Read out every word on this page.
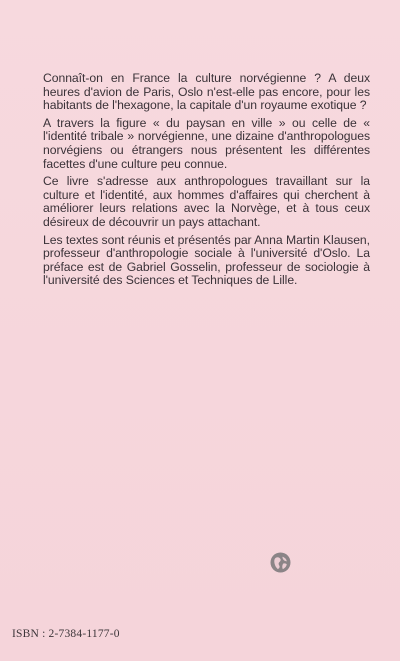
Connaît-on en France la culture norvégienne ? A deux heures d'avion de Paris, Oslo n'est-elle pas encore, pour les habitants de l'hexagone, la capitale d'un royaume exotique ?

A travers la figure « du paysan en ville » ou celle de « l'identité tribale » norvégienne, une dizaine d'anthropologues norvégiens ou étrangers nous présentent les différentes facettes d'une culture peu connue.

Ce livre s'adresse aux anthropologues travaillant sur la culture et l'identité, aux hommes d'affaires qui cherchent à améliorer leurs relations avec la Norvège, et à tous ceux désireux de découvrir un pays attachant.

Les textes sont réunis et présentés par Anna Martin Klausen, professeur d'anthropologie sociale à l'université d'Oslo. La préface est de Gabriel Gosselin, professeur de sociologie à l'université des Sciences et Techniques de Lille.

ISBN : 2-7384-1177-0
